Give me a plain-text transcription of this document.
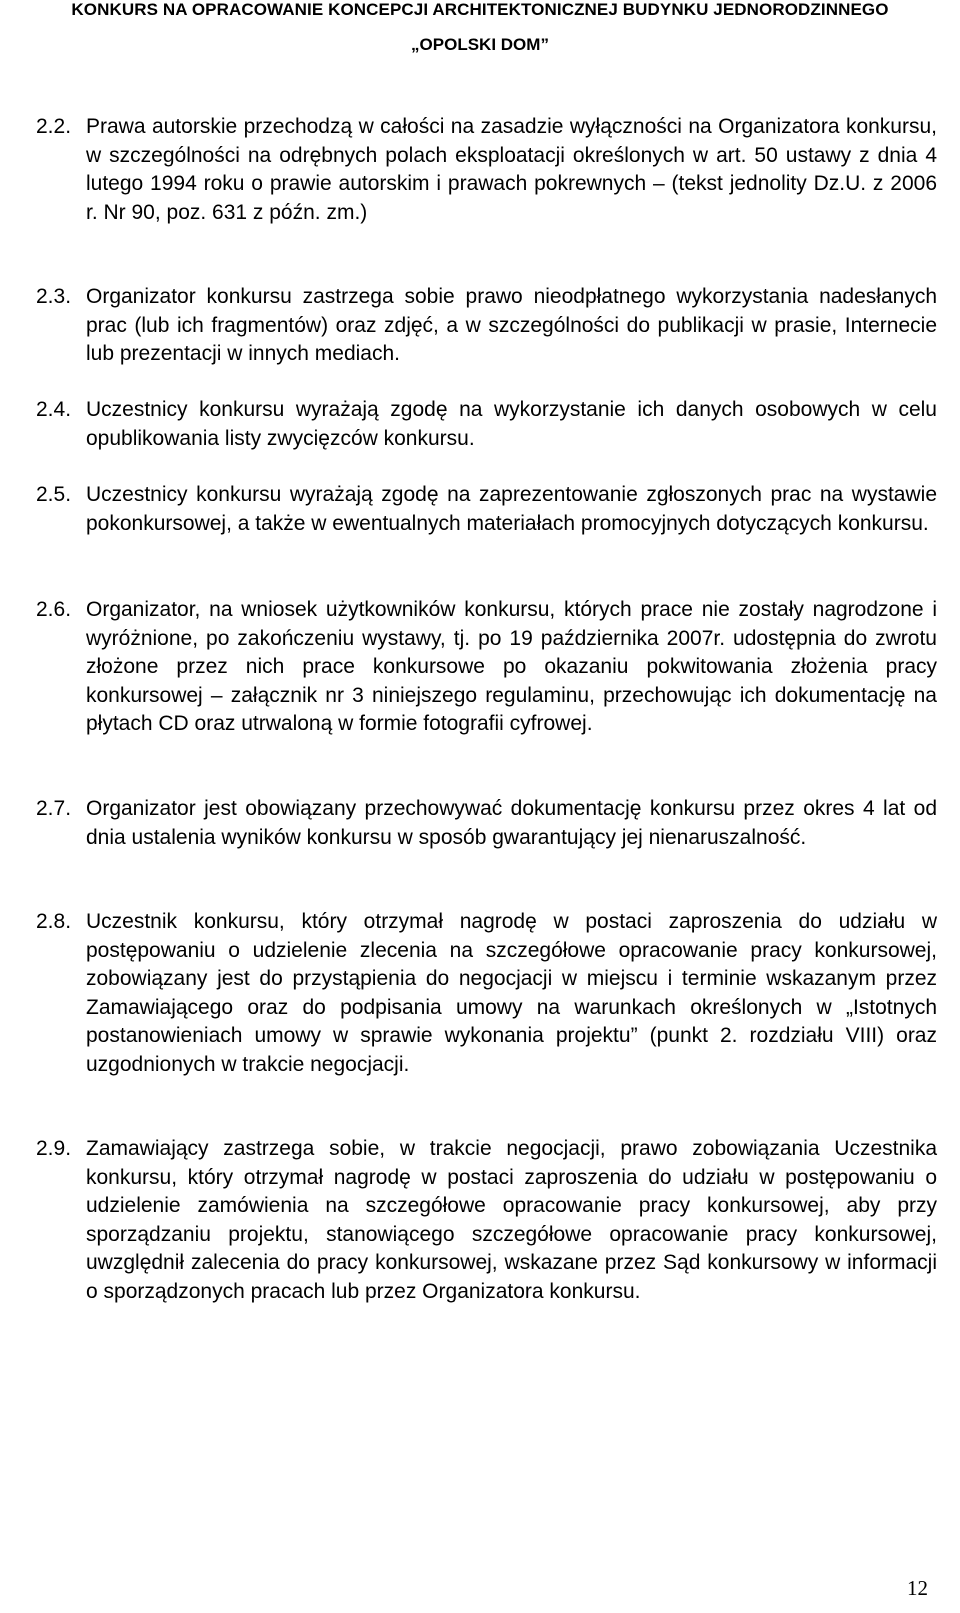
KONKURS NA OPRACOWANIE KONCEPCJI ARCHITEKTONICZNEJ BUDYNKU JEDNORODZINNEGO
„OPOLSKI DOM”
2.2. Prawa autorskie przechodzą w całości na zasadzie wyłączności na Organizatora konkursu, w szczególności na odrębnych polach eksploatacji określonych w art. 50 ustawy z dnia 4 lutego 1994 roku o prawie autorskim i prawach pokrewnych – (tekst jednolity Dz.U. z 2006 r. Nr 90, poz. 631 z późn. zm.)
2.3. Organizator konkursu zastrzega sobie prawo nieodpłatnego wykorzystania nadesłanych prac (lub ich fragmentów) oraz zdjęć, a w szczególności do publikacji w prasie, Internecie lub prezentacji w innych mediach.
2.4. Uczestnicy konkursu wyrażają zgodę na wykorzystanie ich danych osobowych w celu opublikowania listy zwycięzców konkursu.
2.5. Uczestnicy konkursu wyrażają zgodę na zaprezentowanie zgłoszonych prac na wystawie pokonkursowej, a także w ewentualnych materiałach promocyjnych dotyczących konkursu.
2.6. Organizator, na wniosek użytkowników konkursu, których prace nie zostały nagrodzone i wyróżnione, po zakończeniu wystawy, tj. po 19 października 2007r. udostępnia do zwrotu złożone przez nich prace konkursowe po okazaniu pokwitowania złożenia pracy konkursowej – załącznik nr 3 niniejszego regulaminu, przechowując ich dokumentację na płytach CD oraz utrwaloną w formie fotografii cyfrowej.
2.7. Organizator jest obowiązany przechowywać dokumentację konkursu przez okres 4 lat od dnia ustalenia wyników konkursu w sposób gwarantujący jej nienaruszalność.
2.8. Uczestnik konkursu, który otrzymał nagrodę w postaci zaproszenia do udziału w postępowaniu o udzielenie zlecenia na szczegółowe opracowanie pracy konkursowej, zobowiązany jest do przystąpienia do negocjacji w miejscu i terminie wskazanym przez Zamawiającego oraz do podpisania umowy na warunkach określonych w „Istotnych postanowieniach umowy w sprawie wykonania projektu” (punkt 2. rozdziału VIII) oraz uzgodnionych w trakcie negocjacji.
2.9. Zamawiający zastrzega sobie, w trakcie negocjacji, prawo zobowiązania Uczestnika konkursu, który otrzymał nagrodę w postaci zaproszenia do udziału w postępowaniu o udzielenie zamówienia na szczegółowe opracowanie pracy konkursowej, aby przy sporządzaniu projektu, stanowiącego szczegółowe opracowanie pracy konkursowej, uwzględnił zalecenia do pracy konkursowej, wskazane przez Sąd konkursowy w informacji o sporządzonych pracach lub przez Organizatora konkursu.
12
